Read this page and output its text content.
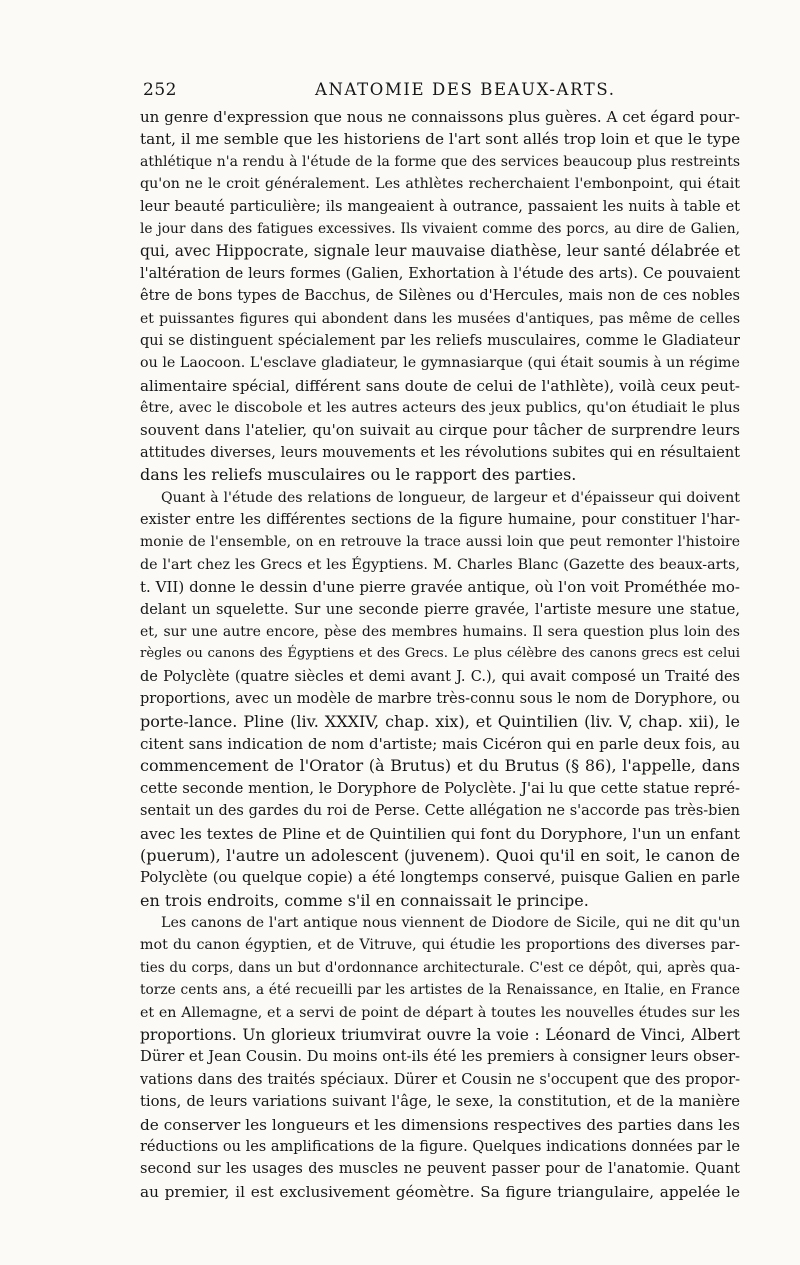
252	ANATOMIE DES BEAUX-ARTS.
un genre d'expression que nous ne connaissons plus guères. A cet égard pour-
tant, il me semble que les historiens de l'art sont allés trop loin et que le type
athlétique n'a rendu à l'étude de la forme que des services beaucoup plus restreints
qu'on ne le croit généralement. Les athlètes recherchaient l'embonpoint, qui était
leur beauté particulière; ils mangeaient à outrance, passaient les nuits à table et
le jour dans des fatigues excessives. Ils vivaient comme des porcs, au dire de Galien,
qui, avec Hippocrate, signale leur mauvaise diathèse, leur santé délabrée et
l'altération de leurs formes (Galien, Exhortation à l'étude des arts). Ce pouvaient
être de bons types de Bacchus, de Silènes ou d'Hercules, mais non de ces nobles
et puissantes figures qui abondent dans les musées d'antiques, pas même de celles
qui se distinguent spécialement par les reliefs musculaires, comme le Gladiateur
ou le Laocoon. L'esclave gladiateur, le gymnasiarque (qui était soumis à un régime
alimentaire spécial, différent sans doute de celui de l'athlète), voilà ceux peut-
être, avec le discobole et les autres acteurs des jeux publics, qu'on étudiait le plus
souvent dans l'atelier, qu'on suivait au cirque pour tâcher de surprendre leurs
attitudes diverses, leurs mouvements et les révolutions subites qui en résultaient
dans les reliefs musculaires ou le rapport des parties.
Quant à l'étude des relations de longueur, de largeur et d'épaisseur qui doivent
exister entre les différentes sections de la figure humaine, pour constituer l'har-
monie de l'ensemble, on en retrouve la trace aussi loin que peut remonter l'histoire
de l'art chez les Grecs et les Égyptiens. M. Charles Blanc (Gazette des beaux-arts,
t. VII) donne le dessin d'une pierre gravée antique, où l'on voit Prométhée mo-
delant un squelette. Sur une seconde pierre gravée, l'artiste mesure une statue,
et, sur une autre encore, pèse des membres humains. Il sera question plus loin des
règles ou canons des Égyptiens et des Grecs. Le plus célèbre des canons grecs est celui
de Polyclète (quatre siècles et demi avant J. C.), qui avait composé un Traité des
proportions, avec un modèle de marbre très-connu sous le nom de Doryphore, ou
porte-lance. Pline (liv. XXXIV, chap. xix), et Quintilien (liv. V, chap. xii), le
citent sans indication de nom d'artiste; mais Cicéron qui en parle deux fois, au
commencement de l'Orator (à Brutus) et du Brutus (§ 86), l'appelle, dans
cette seconde mention, le Doryphore de Polyclète. J'ai lu que cette statue repré-
sentait un des gardes du roi de Perse. Cette allégation ne s'accorde pas très-bien
avec les textes de Pline et de Quintilien qui font du Doryphore, l'un un enfant
(puerum), l'autre un adolescent (juvenem). Quoi qu'il en soit, le canon de
Polyclète (ou quelque copie) a été longtemps conservé, puisque Galien en parle
en trois endroits, comme s'il en connaissait le principe.
Les canons de l'art antique nous viennent de Diodore de Sicile, qui ne dit qu'un
mot du canon égyptien, et de Vitruve, qui étudie les proportions des diverses par-
ties du corps, dans un but d'ordonnance architecturale. C'est ce dépôt, qui, après qua-
torze cents ans, a été recueilli par les artistes de la Renaissance, en Italie, en France
et en Allemagne, et a servi de point de départ à toutes les nouvelles études sur les
proportions. Un glorieux triumvirat ouvre la voie : Léonard de Vinci, Albert
Dürer et Jean Cousin. Du moins ont-ils été les premiers à consigner leurs obser-
vations dans des traités spéciaux. Dürer et Cousin ne s'occupent que des propor-
tions, de leurs variations suivant l'âge, le sexe, la constitution, et de la manière
de conserver les longueurs et les dimensions respectives des parties dans les
réductions ou les amplifications de la figure. Quelques indications données par le
second sur les usages des muscles ne peuvent passer pour de l'anatomie. Quant
au premier, il est exclusivement géomètre. Sa figure triangulaire, appelée le
